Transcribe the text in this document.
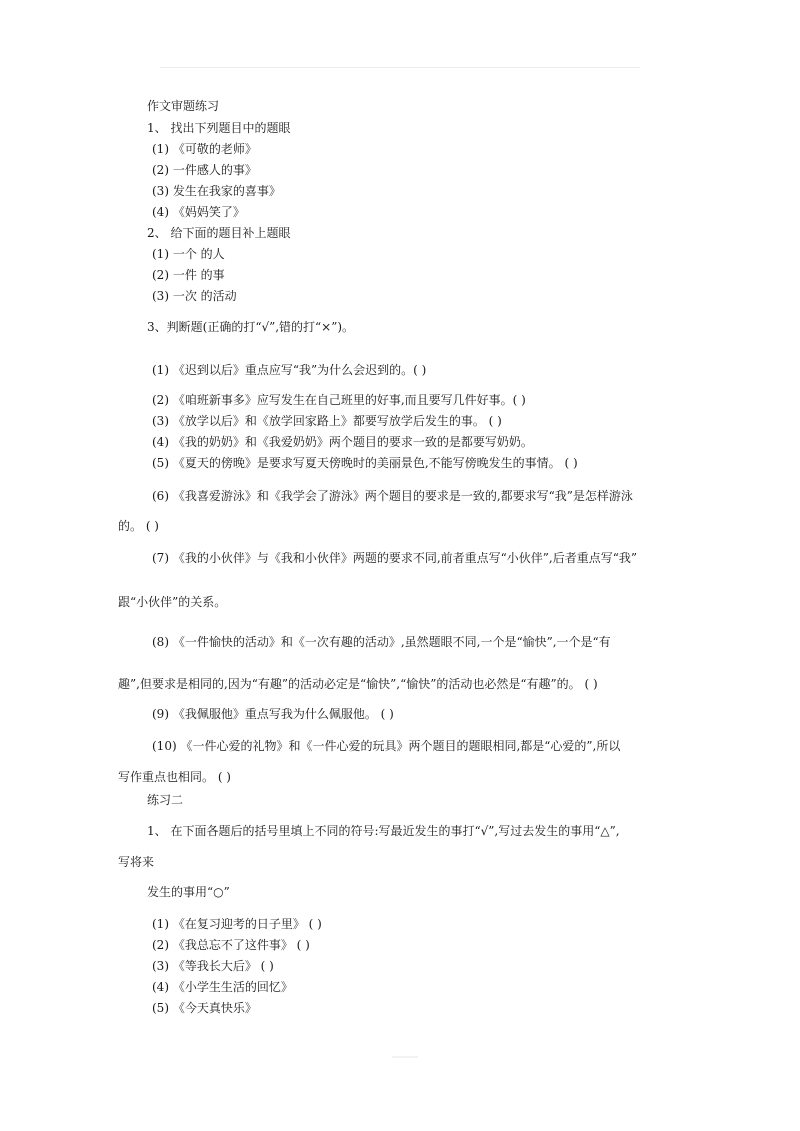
作文审题练习
1、 找出下列题目中的题眼
(1) 《可敬的老师》
(2) 一件感人的事》
(3) 发生在我家的喜事》
(4) 《妈妈笑了》
2、 给下面的题目补上题眼
(1) 一个 的人
(2) 一件 的事
(3) 一次 的活动
3、判断题(正确的打“√”,错的打“×”)。
(1) 《迟到以后》重点应写“我”为什么会迟到的。( )
(2) 《咱班新事多》应写发生在自己班里的好事,而且要写几件好事。( )
(3) 《放学以后》和《放学回家路上》都要写放学后发生的事。 ( )
(4) 《我的奶奶》和《我爱奶奶》两个题目的要求一致的是都要写奶奶。
(5) 《夏天的傍晚》是要求写夏天傍晚时的美丽景色,不能写傍晚发生的事情。 ( )
(6) 《我喜爱游泳》和《我学会了游泳》两个题目的要求是一致的,都要求写“我”是怎样游泳
的。 ( )
(7) 《我的小伙伴》与《我和小伙伴》两题的要求不同,前者重点写“小伙伴”,后者重点写“我”
跟“小伙伴”的关系。
(8) 《一件愉快的活动》和《一次有趣的活动》,虽然题眼不同,一个是“愉快”,一个是“有
趣”,但要求是相同的,因为“有趣”的活动必定是“愉快”,“愉快”的活动也必然是“有趣”的。 ( )
(9) 《我佩服他》重点写我为什么佩服他。 ( )
(10) 《一件心爱的礼物》和《一件心爱的玩具》两个题目的题眼相同,都是“心爱的”,所以
写作重点也相同。 ( )
练习二
1、 在下面各题后的括号里填上不同的符号:写最近发生的事打“√”,写过去发生的事用“△”,
写将来
发生的事用“○”
(1) 《在复习迎考的日子里》 ( )
(2) 《我总忘不了这件事》 ( )
(3) 《等我长大后》 ( )
(4) 《小学生生活的回忆》
(5) 《今天真快乐》
